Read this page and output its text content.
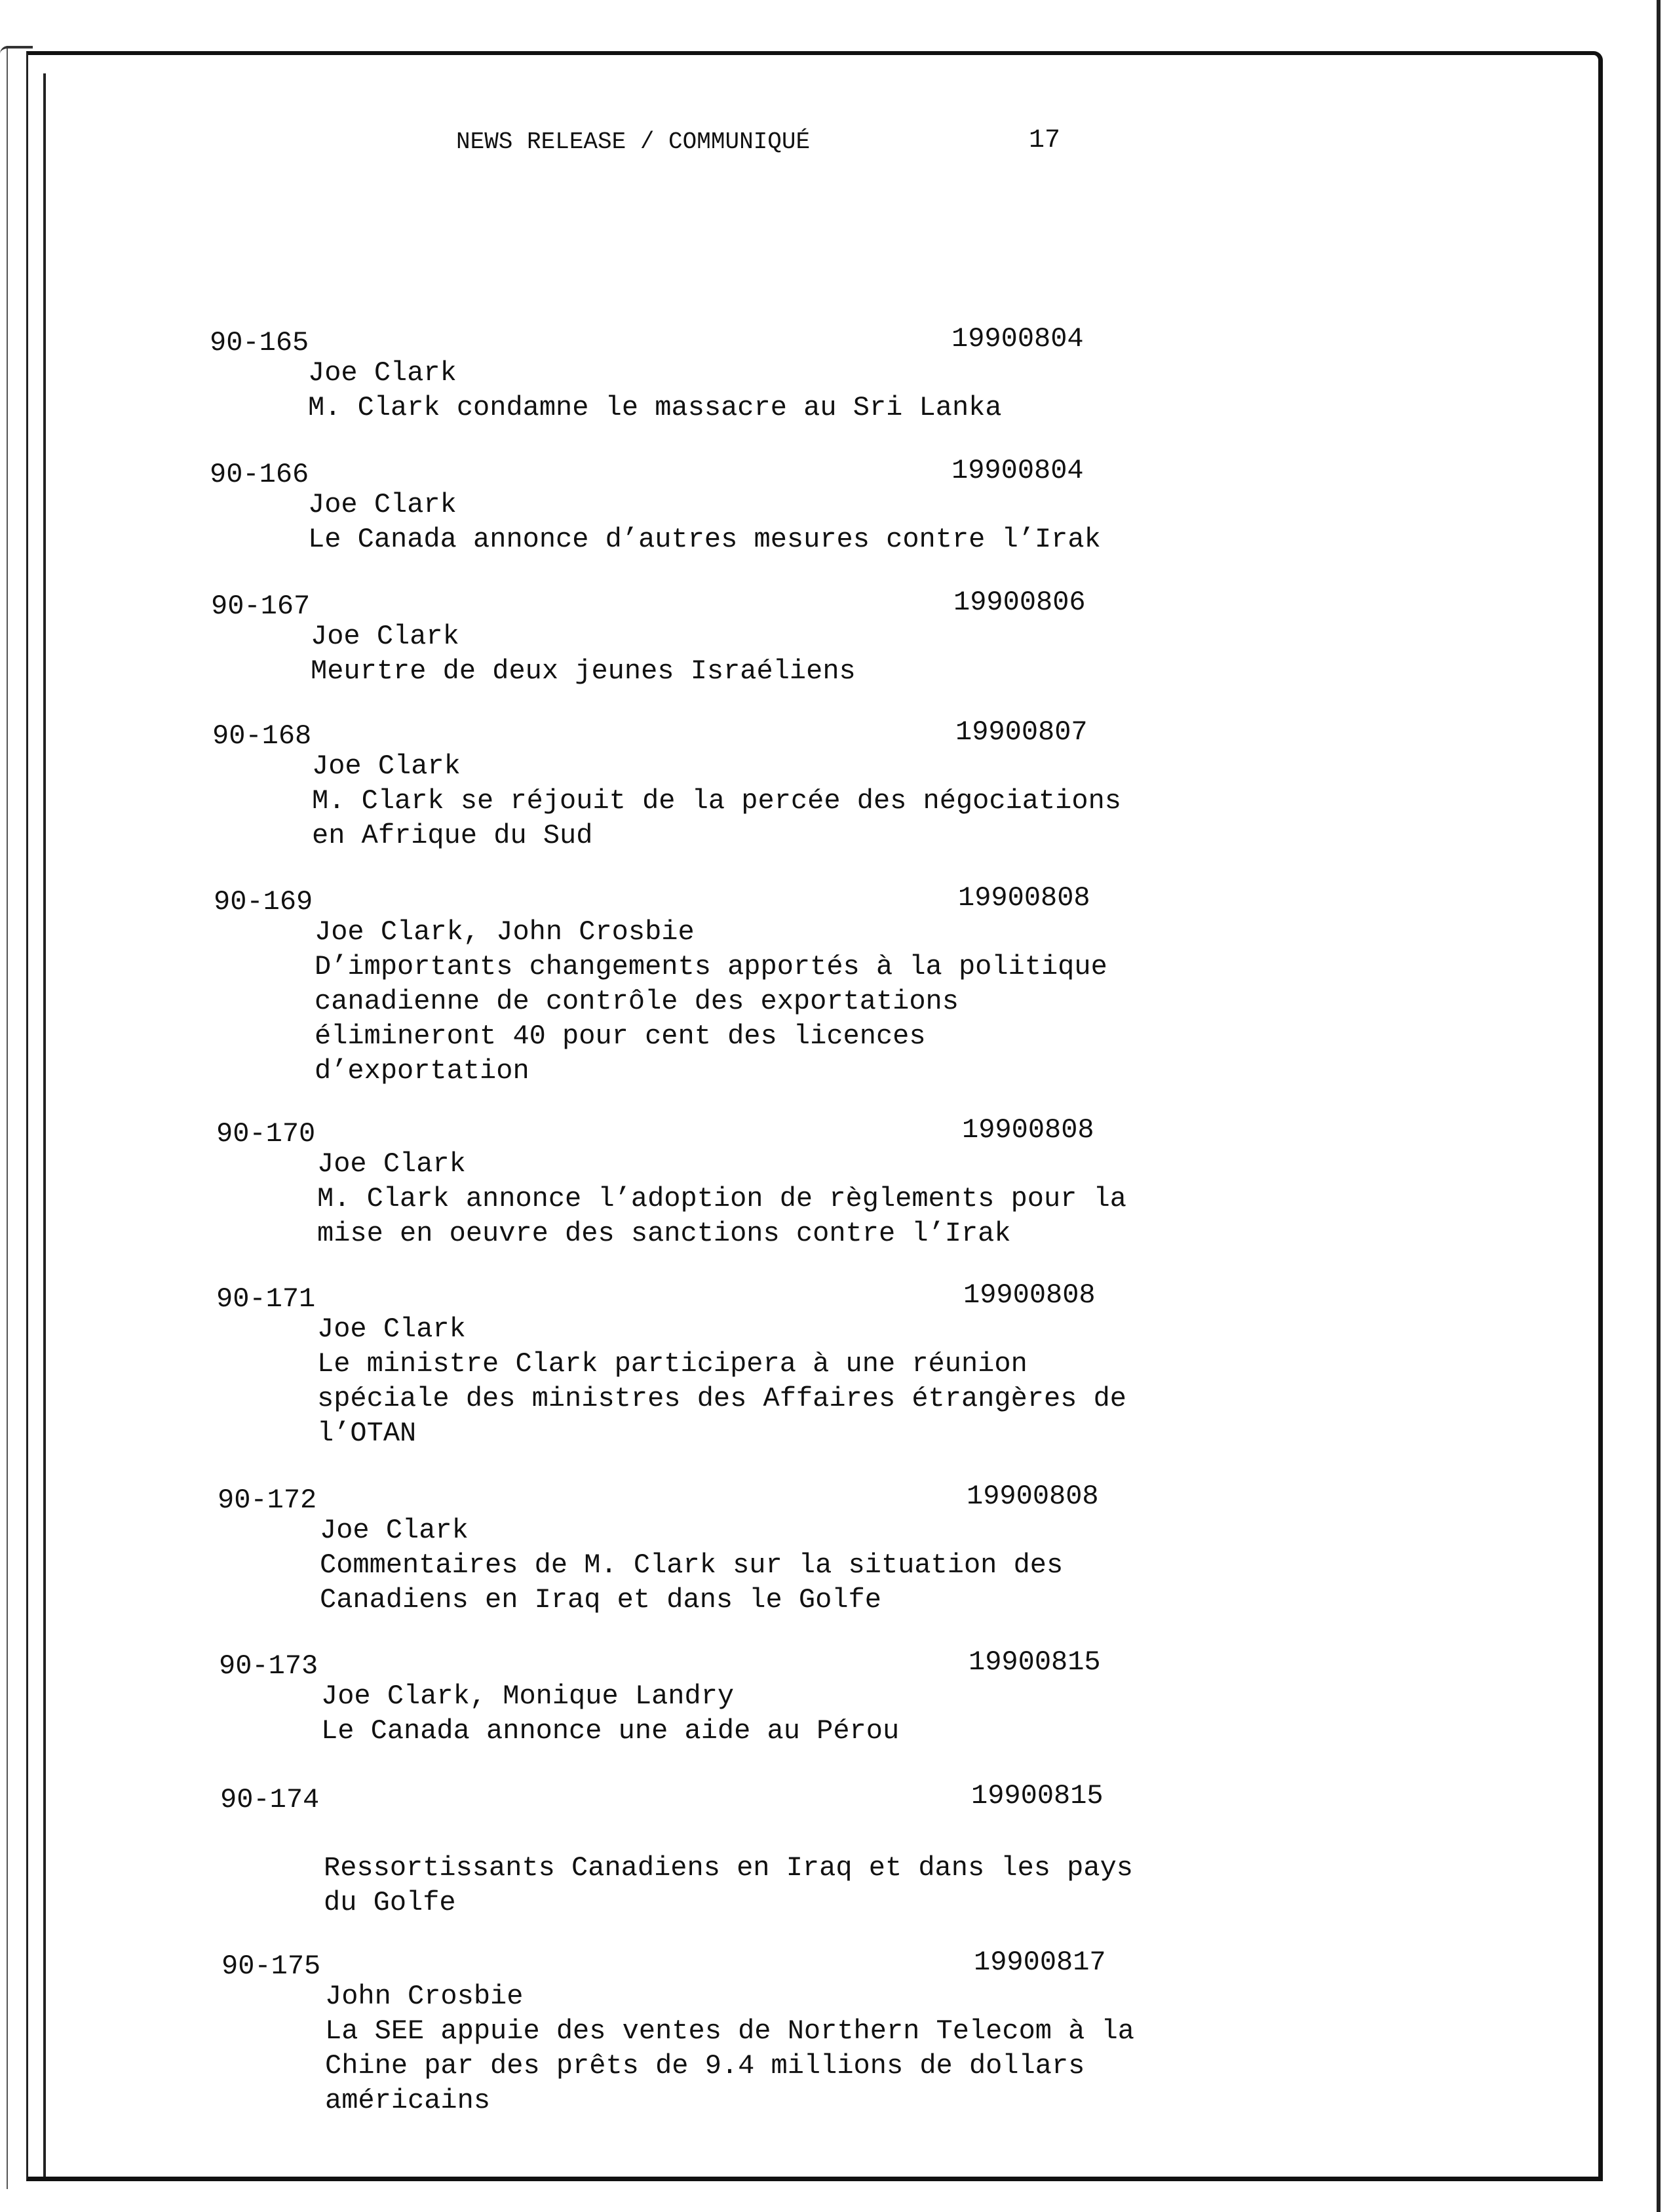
NEWS RELEASE / COMMUNIQUÉ	17
90-165	19900804
Joe Clark
M. Clark condamne le massacre au Sri Lanka
90-166	19900804
Joe Clark
Le Canada annonce d’autres mesures contre l’Irak
90-167	19900806
Joe Clark
Meurtre de deux jeunes Israéliens
90-168	19900807
Joe Clark
M. Clark se réjouit de la percée des négociations
en Afrique du Sud
90-169	19900808
Joe Clark, John Crosbie
D’importants changements apportés à la politique
canadienne de contrôle des exportations
élimineront 40 pour cent des licences
d’exportation
90-170	19900808
Joe Clark
M. Clark annonce l’adoption de règlements pour la
mise en oeuvre des sanctions contre l’Irak
90-171	19900808
Joe Clark
Le ministre Clark participera à une réunion
spéciale des ministres des Affaires étrangères de
l’OTAN
90-172	19900808
Joe Clark
Commentaires de M. Clark sur la situation des
Canadiens en Iraq et dans le Golfe
90-173	19900815
Joe Clark, Monique Landry
Le Canada annonce une aide au Pérou
90-174	19900815
Ressortissants Canadiens en Iraq et dans les pays
du Golfe
90-175	19900817
John Crosbie
La SEE appuie des ventes de Northern Telecom à la
Chine par des prêts de 9.4 millions de dollars
américains
